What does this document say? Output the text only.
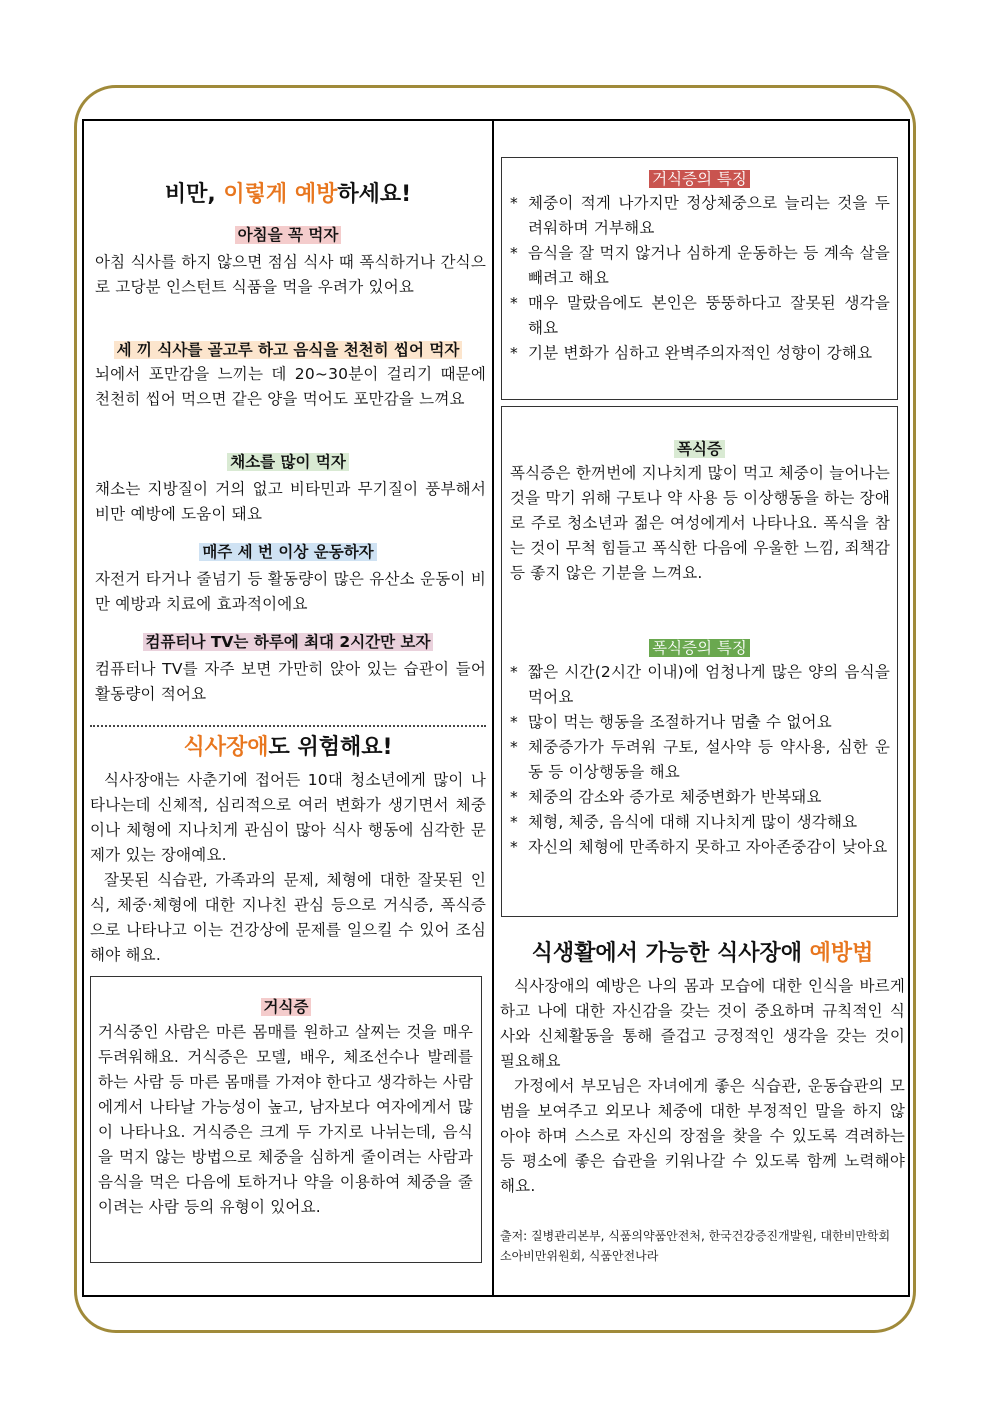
비만, 이렇게 예방하세요!
아침을 꼭 먹자
아침 식사를 하지 않으면 점심 식사 때 폭식하거나 간식으로 고당분 인스턴트 식품을 먹을 우려가 있어요
세 끼 식사를 골고루 하고 음식을 천천히 씹어 먹자
뇌에서 포만감을 느끼는 데 20~30분이 걸리기 때문에 천천히 씹어 먹으면 같은 양을 먹어도 포만감을 느껴요
채소를 많이 먹자
채소는 지방질이 거의 없고 비타민과 무기질이 풍부해서 비만 예방에 도움이 돼요
매주 세 번 이상 운동하자
자전거 타거나 줄넘기 등 활동량이 많은 유산소 운동이 비만 예방과 치료에 효과적이에요
컴퓨터나 TV는 하루에 최대 2시간만 보자
컴퓨터나 TV를 자주 보면 가만히 앉아 있는 습관이 들어 활동량이 적어요
식사장애도 위험해요!
식사장애는 사춘기에 접어든 10대 청소년에게 많이 나타나는데 신체적, 심리적으로 여러 변화가 생기면서 체중이나 체형에 지나치게 관심이 많아 식사 행동에 심각한 문제가 있는 장애예요.
잘못된 식습관, 가족과의 문제, 체형에 대한 잘못된 인식, 체중·체형에 대한 지나친 관심 등으로 거식증, 폭식증으로 나타나고 이는 건강상에 문제를 일으킬 수 있어 조심해야 해요.
거식증
거식중인 사람은 마른 몸매를 원하고 살찌는 것을 매우 두려워해요. 거식증은 모델, 배우, 체조선수나 발레를 하는 사람 등 마른 몸매를 가져야 한다고 생각하는 사람에게서 나타날 가능성이 높고, 남자보다 여자에게서 많이 나타나요. 거식증은 크게 두 가지로 나뉘는데, 음식을 먹지 않는 방법으로 체중을 심하게 줄이려는 사람과 음식을 먹은 다음에 토하거나 약을 이용하여 체중을 줄이려는 사람 등의 유형이 있어요.
거식증의 특징
* 체중이 적게 나가지만 정상체중으로 늘리는 것을 두려워하며 거부해요
* 음식을 잘 먹지 않거나 심하게 운동하는 등 계속 살을 빼려고 해요
* 매우 말랐음에도 본인은 뚱뚱하다고 잘못된 생각을 해요
* 기분 변화가 심하고 완벽주의자적인 성향이 강해요
폭식증
폭식증은 한꺼번에 지나치게 많이 먹고 체중이 늘어나는 것을 막기 위해 구토나 약 사용 등 이상행동을 하는 장애로 주로 청소년과 젊은 여성에게서 나타나요. 폭식을 참는 것이 무척 힘들고 폭식한 다음에 우울한 느낌, 죄책감 등 좋지 않은 기분을 느껴요.
폭식증의 특징
* 짧은 시간(2시간 이내)에 엄청나게 많은 양의 음식을 먹어요
* 많이 먹는 행동을 조절하거나 멈출 수 없어요
* 체중증가가 두려워 구토, 설사약 등 약사용, 심한 운동 등 이상행동을 해요
* 체중의 감소와 증가로 체중변화가 반복돼요
* 체형, 체중, 음식에 대해 지나치게 많이 생각해요
* 자신의 체형에 만족하지 못하고 자아존중감이 낮아요
식생활에서 가능한 식사장애 예방법
식사장애의 예방은 나의 몸과 모습에 대한 인식을 바르게 하고 나에 대한 자신감을 갖는 것이 중요하며 규칙적인 식사와 신체활동을 통해 즐겁고 긍정적인 생각을 갖는 것이 필요해요
가정에서 부모님은 자녀에게 좋은 식습관, 운동습관의 모범을 보여주고 외모나 체중에 대한 부정적인 말을 하지 않아야 하며 스스로 자신의 장점을 찾을 수 있도록 격려하는 등 평소에 좋은 습관을 키워나갈 수 있도록 함께 노력해야해요.
출저: 질병관리본부, 식품의약품안전처, 한국건강증진개발원, 대한비만학회 소아비만위원회, 식품안전나라
